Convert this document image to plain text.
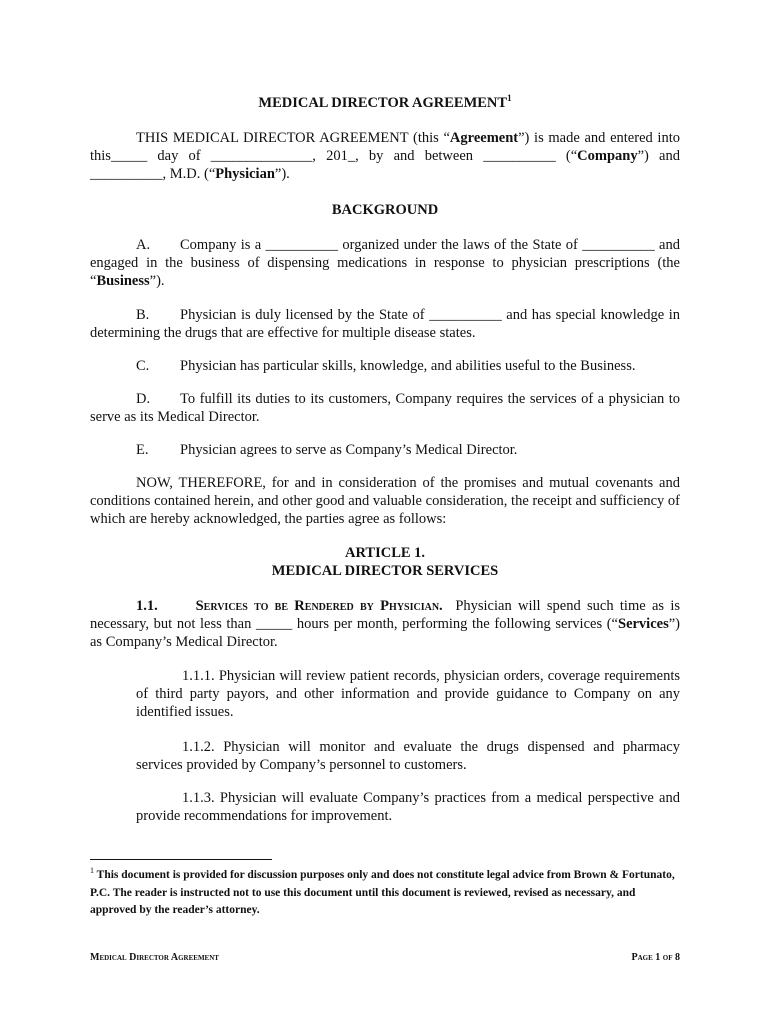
MEDICAL DIRECTOR AGREEMENT$^1$
THIS MEDICAL DIRECTOR AGREEMENT (this “Agreement”) is made and entered into this_____ day of ______________, 201_, by and between __________ (“Company”) and __________, M.D. (“Physician”).
BACKGROUND
A. Company is a __________ organized under the laws of the State of __________ and engaged in the business of dispensing medications in response to physician prescriptions (the “Business”).
B. Physician is duly licensed by the State of __________ and has special knowledge in determining the drugs that are effective for multiple disease states.
C. Physician has particular skills, knowledge, and abilities useful to the Business.
D. To fulfill its duties to its customers, Company requires the services of a physician to serve as its Medical Director.
E. Physician agrees to serve as Company’s Medical Director.
NOW, THEREFORE, for and in consideration of the promises and mutual covenants and conditions contained herein, and other good and valuable consideration, the receipt and sufficiency of which are hereby acknowledged, the parties agree as follows:
ARTICLE 1.
MEDICAL DIRECTOR SERVICES
1.1.	Services to be Rendered by Physician. Physician will spend such time as is necessary, but not less than _____ hours per month, performing the following services (“Services”) as Company’s Medical Director.
1.1.1. Physician will review patient records, physician orders, coverage requirements of third party payors, and other information and provide guidance to Company on any identified issues.
1.1.2. Physician will monitor and evaluate the drugs dispensed and pharmacy services provided by Company’s personnel to customers.
1.1.3. Physician will evaluate Company’s practices from a medical perspective and provide recommendations for improvement.
$^1$ This document is provided for discussion purposes only and does not constitute legal advice from Brown & Fortunato, P.C. The reader is instructed not to use this document until this document is reviewed, revised as necessary, and approved by the reader’s attorney.
Medical Director Agreement	Page 1 of 8
